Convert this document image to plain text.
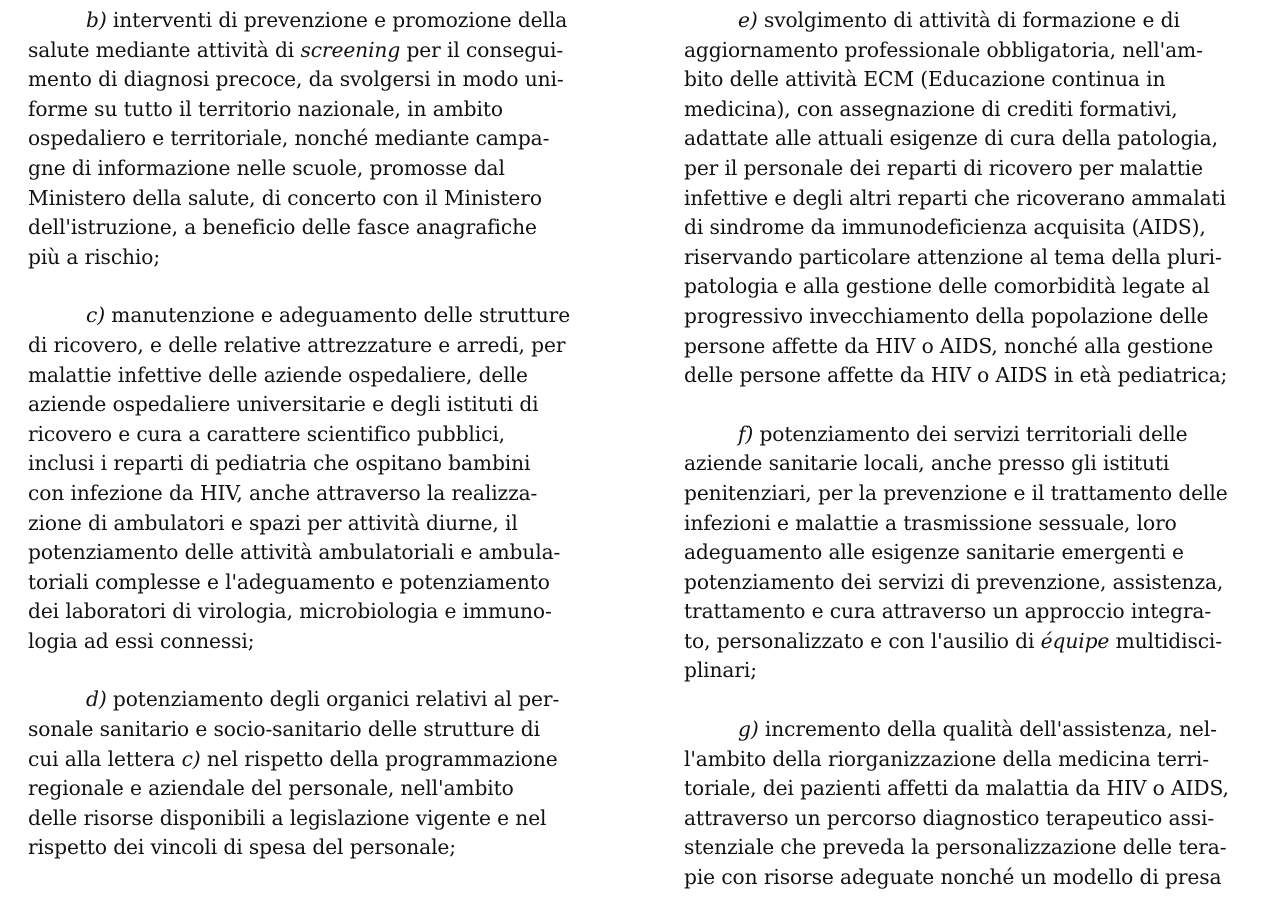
b) interventi di prevenzione e promozione della
salute mediante attività di screening per il consegui-
mento di diagnosi precoce, da svolgersi in modo uni-
forme su tutto il territorio nazionale, in ambito
ospedaliero e territoriale, nonché mediante campa-
gne di informazione nelle scuole, promosse dal
Ministero della salute, di concerto con il Ministero
dell'istruzione, a beneficio delle fasce anagrafiche
più a rischio;
c) manutenzione e adeguamento delle strutture
di ricovero, e delle relative attrezzature e arredi, per
malattie infettive delle aziende ospedaliere, delle
aziende ospedaliere universitarie e degli istituti di
ricovero e cura a carattere scientifico pubblici,
inclusi i reparti di pediatria che ospitano bambini
con infezione da HIV, anche attraverso la realizza-
zione di ambulatori e spazi per attività diurne, il
potenziamento delle attività ambulatoriali e ambula-
toriali complesse e l'adeguamento e potenziamento
dei laboratori di virologia, microbiologia e immuno-
logia ad essi connessi;
d) potenziamento degli organici relativi al per-
sonale sanitario e socio-sanitario delle strutture di
cui alla lettera c) nel rispetto della programmazione
regionale e aziendale del personale, nell'ambito
delle risorse disponibili a legislazione vigente e nel
rispetto dei vincoli di spesa del personale;
e) svolgimento di attività di formazione e di
aggiornamento professionale obbligatoria, nell'am-
bito delle attività ECM (Educazione continua in
medicina), con assegnazione di crediti formativi,
adattate alle attuali esigenze di cura della patologia,
per il personale dei reparti di ricovero per malattie
infettive e degli altri reparti che ricoverano ammalati
di sindrome da immunodeficienza acquisita (AIDS),
riservando particolare attenzione al tema della pluri-
patologia e alla gestione delle comorbidità legate al
progressivo invecchiamento della popolazione delle
persone affette da HIV o AIDS, nonché alla gestione
delle persone affette da HIV o AIDS in età pediatrica;
f) potenziamento dei servizi territoriali delle
aziende sanitarie locali, anche presso gli istituti
penitenziari, per la prevenzione e il trattamento delle
infezioni e malattie a trasmissione sessuale, loro
adeguamento alle esigenze sanitarie emergenti e
potenziamento dei servizi di prevenzione, assistenza,
trattamento e cura attraverso un approccio integra-
to, personalizzato e con l'ausilio di équipe multidisci-
plinari;
g) incremento della qualità dell'assistenza, nel-
l'ambito della riorganizzazione della medicina terri-
toriale, dei pazienti affetti da malattia da HIV o AIDS,
attraverso un percorso diagnostico terapeutico assi-
stenziale che preveda la personalizzazione delle tera-
pie con risorse adeguate nonché un modello di presa
